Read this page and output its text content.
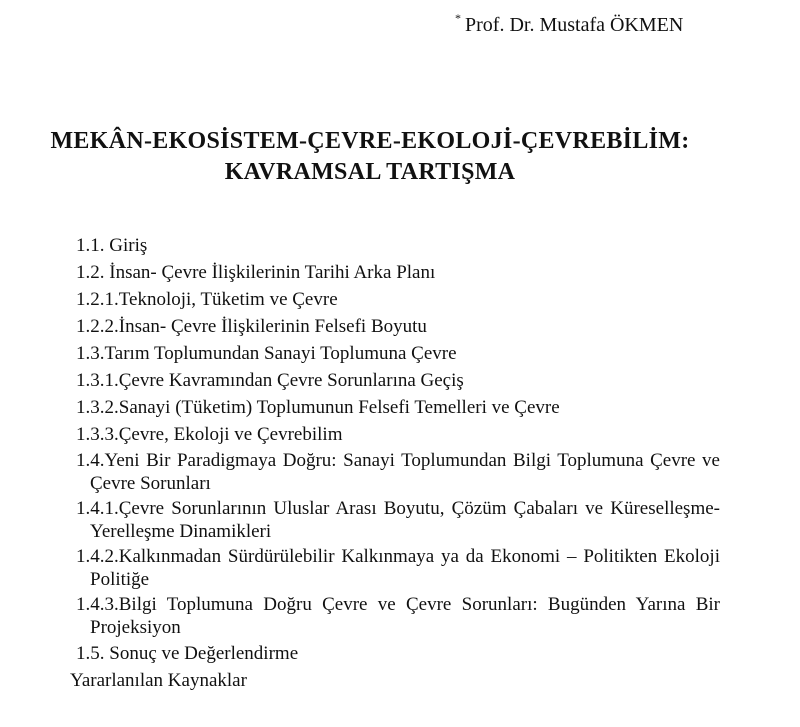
* Prof. Dr. Mustafa ÖKMEN
MEKÂN-EKOSİSTEM-ÇEVRE-EKOLOJİ-ÇEVREBİLİM:
KAVRAMSAL TARTIŞMA
1.1. Giriş
1.2. İnsan- Çevre İlişkilerinin Tarihi Arka Planı
1.2.1.Teknoloji, Tüketim ve Çevre
1.2.2.İnsan- Çevre İlişkilerinin Felsefi Boyutu
1.3.Tarım Toplumundan Sanayi Toplumuna Çevre
1.3.1.Çevre Kavramından Çevre Sorunlarına Geçiş
1.3.2.Sanayi (Tüketim) Toplumunun Felsefi Temelleri ve Çevre
1.3.3.Çevre, Ekoloji ve Çevrebilim
1.4.Yeni Bir Paradigmaya Doğru: Sanayi Toplumundan Bilgi Toplumuna Çevre ve Çevre Sorunları
1.4.1.Çevre Sorunlarının Uluslar Arası Boyutu, Çözüm Çabaları ve Küreselleşme- Yerelleşme Dinamikleri
1.4.2.Kalkınmadan Sürdürülebilir Kalkınmaya ya da Ekonomi – Politikten Ekoloji Politiğe
1.4.3.Bilgi Toplumuna Doğru Çevre ve Çevre Sorunları: Bugünden Yarına Bir Projeksiyon
1.5. Sonuç ve Değerlendirme
Yararlanılan Kaynaklar
